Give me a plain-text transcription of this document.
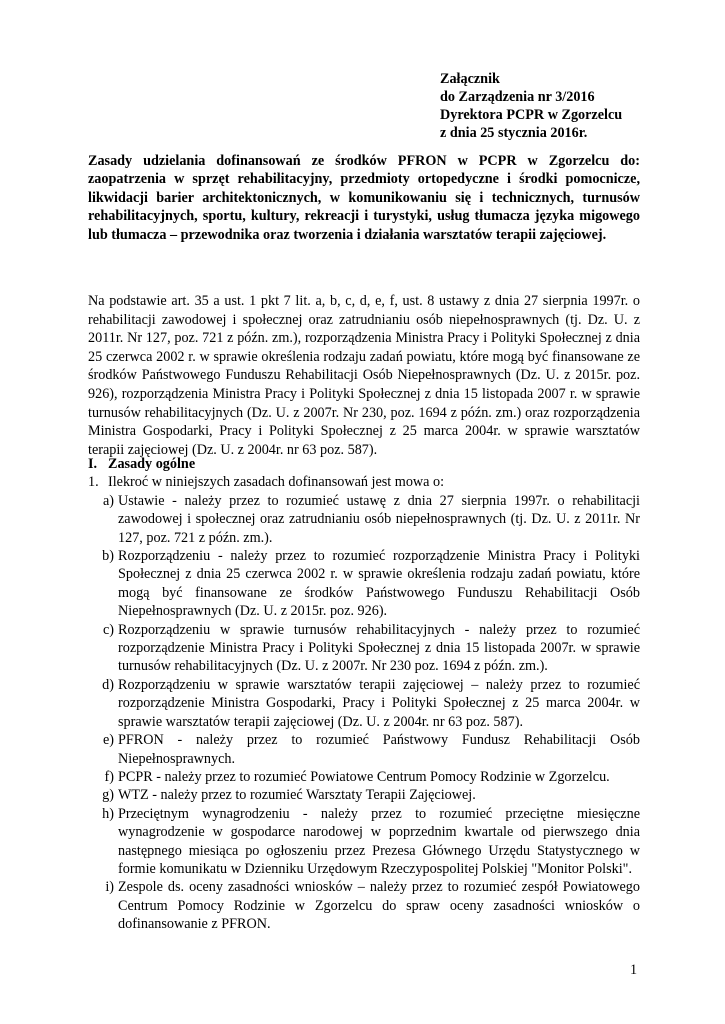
Załącznik
do Zarządzenia nr 3/2016
Dyrektora PCPR w Zgorzelcu
z dnia 25 stycznia 2016r.
Zasady udzielania dofinansowań ze środków PFRON w PCPR w Zgorzelcu do: zaopatrzenia w sprzęt rehabilitacyjny, przedmioty ortopedyczne i środki pomocnicze, likwidacji barier architektonicznych, w komunikowaniu się i technicznych, turnusów rehabilitacyjnych, sportu, kultury, rekreacji i turystyki, usług tłumacza języka migowego lub tłumacza – przewodnika oraz tworzenia i działania warsztatów terapii zajęciowej.
Na podstawie art. 35 a ust. 1 pkt 7 lit. a, b, c, d, e, f, ust. 8 ustawy z dnia 27 sierpnia 1997r. o rehabilitacji zawodowej i społecznej oraz zatrudnianiu osób niepełnosprawnych (tj. Dz. U. z 2011r. Nr 127, poz. 721 z późn. zm.), rozporządzenia Ministra Pracy i Polityki Społecznej z dnia 25 czerwca 2002 r. w sprawie określenia rodzaju zadań powiatu, które mogą być finansowane ze środków Państwowego Funduszu Rehabilitacji Osób Niepełnosprawnych (Dz. U. z 2015r. poz. 926), rozporządzenia Ministra Pracy i Polityki Społecznej z dnia 15 listopada 2007 r. w sprawie turnusów rehabilitacyjnych (Dz. U. z 2007r. Nr 230, poz. 1694 z późn. zm.) oraz rozporządzenia Ministra Gospodarki, Pracy i Polityki Społecznej z 25 marca 2004r. w sprawie warsztatów terapii zajęciowej (Dz. U. z 2004r. nr 63 poz. 587).
I. Zasady ogólne
1. Ilekroć w niniejszych zasadach dofinansowań jest mowa o:
a) Ustawie - należy przez to rozumieć ustawę z dnia 27 sierpnia 1997r. o rehabilitacji zawodowej i społecznej oraz zatrudnianiu osób niepełnosprawnych (tj. Dz. U. z 2011r. Nr 127, poz. 721 z późn. zm.).
b) Rozporządzeniu - należy przez to rozumieć rozporządzenie Ministra Pracy i Polityki Społecznej z dnia 25 czerwca 2002 r. w sprawie określenia rodzaju zadań powiatu, które mogą być finansowane ze środków Państwowego Funduszu Rehabilitacji Osób Niepełnosprawnych (Dz. U. z 2015r. poz. 926).
c) Rozporządzeniu w sprawie turnusów rehabilitacyjnych - należy przez to rozumieć rozporządzenie Ministra Pracy i Polityki Społecznej z dnia 15 listopada 2007r. w sprawie turnusów rehabilitacyjnych (Dz. U. z 2007r. Nr 230 poz. 1694 z późn. zm.).
d) Rozporządzeniu w sprawie warsztatów terapii zajęciowej – należy przez to rozumieć rozporządzenie Ministra Gospodarki, Pracy i Polityki Społecznej z 25 marca 2004r. w sprawie warsztatów terapii zajęciowej (Dz. U. z 2004r. nr 63 poz. 587).
e) PFRON - należy przez to rozumieć Państwowy Fundusz Rehabilitacji Osób Niepełnosprawnych.
f) PCPR - należy przez to rozumieć Powiatowe Centrum Pomocy Rodzinie w Zgorzelcu.
g) WTZ - należy przez to rozumieć Warsztaty Terapii Zajęciowej.
h) Przeciętnym wynagrodzeniu - należy przez to rozumieć przeciętne miesięczne wynagrodzenie w gospodarce narodowej w poprzednim kwartale od pierwszego dnia następnego miesiąca po ogłoszeniu przez Prezesa Głównego Urzędu Statystycznego w formie komunikatu w Dzienniku Urzędowym Rzeczypospolitej Polskiej "Monitor Polski".
i) Zespole ds. oceny zasadności wniosków – należy przez to rozumieć zespół Powiatowego Centrum Pomocy Rodzinie w Zgorzelcu do spraw oceny zasadności wniosków o dofinansowanie z PFRON.
1
